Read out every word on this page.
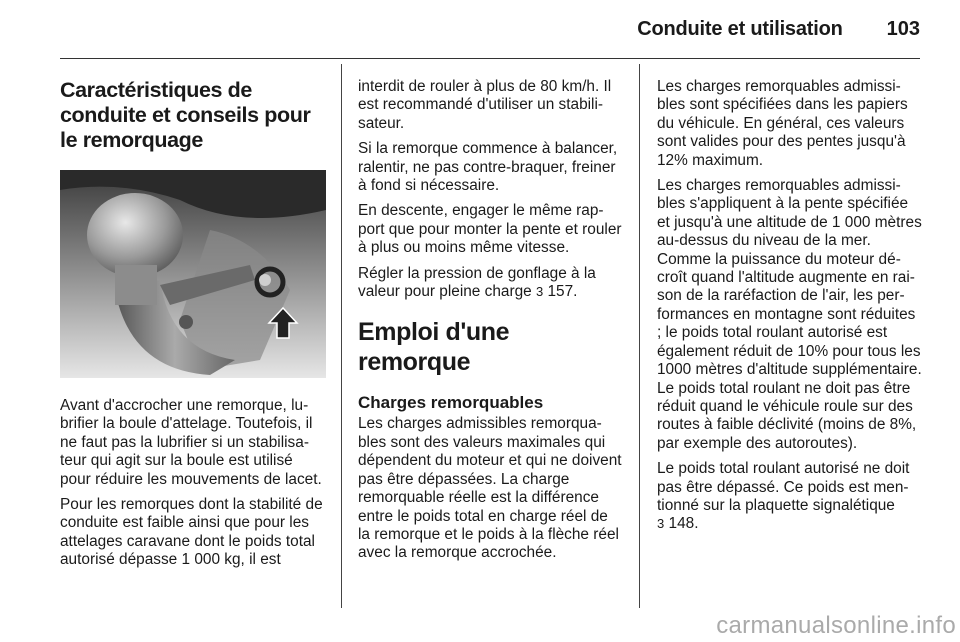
Conduite et utilisation 103
Caractéristiques de conduite et conseils pour le remorquage

Avant d'accrocher une remorque, lubrifier la boule d'attelage. Toutefois, il ne faut pas la lubrifier si un stabilisateur qui agit sur la boule est utilisé pour réduire les mouvements de lacet.

Pour les remorques dont la stabilité de conduite est faible ainsi que pour les attelages caravane dont le poids total autorisé dépasse 1 000 kg, il est

interdit de rouler à plus de 80 km/h. Il est recommandé d'utiliser un stabilisateur.

Si la remorque commence à balancer, ralentir, ne pas contre-braquer, freiner à fond si nécessaire.

En descente, engager le même rapport que pour monter la pente et rouler à plus ou moins même vitesse.

Régler la pression de gonflage à la valeur pour pleine charge 3 157.

Emploi d'une remorque
Charges remorquables

Les charges admissibles remorquables sont des valeurs maximales qui dépendent du moteur et qui ne doivent pas être dépassées. La charge remorquable réelle est la différence entre le poids total en charge réel de la remorque et le poids à la flèche réel avec la remorque accrochée.

Les charges remorquables admissibles sont spécifiées dans les papiers du véhicule. En général, ces valeurs sont valides pour des pentes jusqu'à 12% maximum.

Les charges remorquables admissibles s'appliquent à la pente spécifiée et jusqu'à une altitude de 1 000 mètres au-dessus du niveau de la mer. Comme la puissance du moteur décroît quand l'altitude augmente en raison de la raréfaction de l'air, les performances en montagne sont réduites ; le poids total roulant autorisé est également réduit de 10% pour tous les 1000 mètres d'altitude supplémentaire. Le poids total roulant ne doit pas être réduit quand le véhicule roule sur des routes à faible déclivité (moins de 8%, par exemple des autoroutes).

Le poids total roulant autorisé ne doit pas être dépassé. Ce poids est mentionné sur la plaquette signalétique
3 148.

carmanualsonline.info
